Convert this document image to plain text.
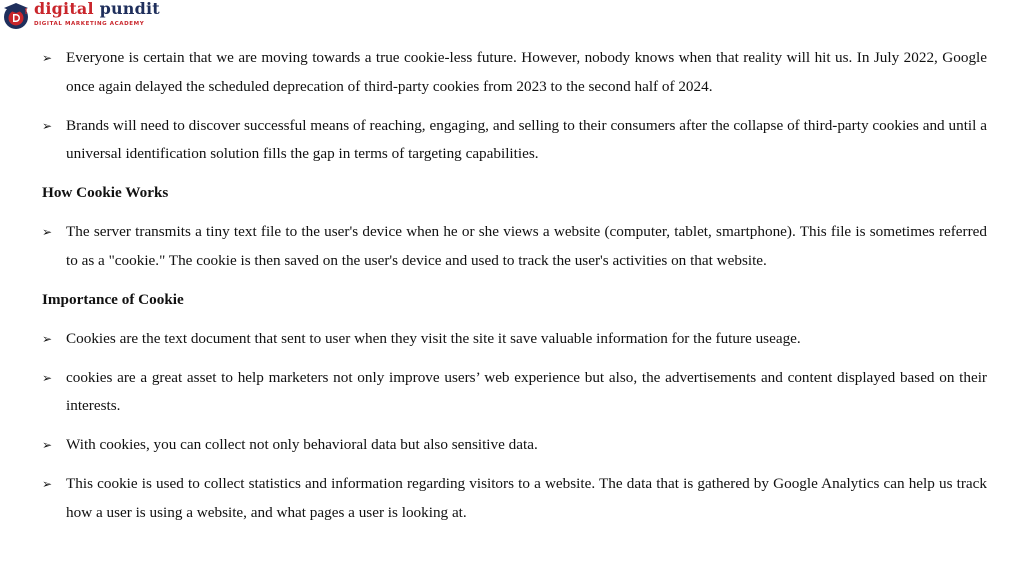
digital pundit
DIGITAL MARKETING ACADEMY
➢ Everyone is certain that we are moving towards a true cookie-less future. However, nobody knows when that reality will hit us. In July 2022, Google once again delayed the scheduled deprecation of third-party cookies from 2023 to the second half of 2024.
➢ Brands will need to discover successful means of reaching, engaging, and selling to their consumers after the collapse of third-party cookies and until a universal identification solution fills the gap in terms of targeting capabilities.
How Cookie Works
➢ The server transmits a tiny text file to the user's device when he or she views a website (computer, tablet, smartphone). This file is sometimes referred to as a "cookie." The cookie is then saved on the user's device and used to track the user's activities on that website.
Importance of Cookie
➢ Cookies are the text document that sent to user when they visit the site it save valuable information for the future useage.
➢ cookies are a great asset to help marketers not only improve users’ web experience but also, the advertisements and content displayed based on their interests.
➢ With cookies, you can collect not only behavioral data but also sensitive data.
➢ This cookie is used to collect statistics and information regarding visitors to a website. The data that is gathered by Google Analytics can help us track how a user is using a website, and what pages a user is looking at.
